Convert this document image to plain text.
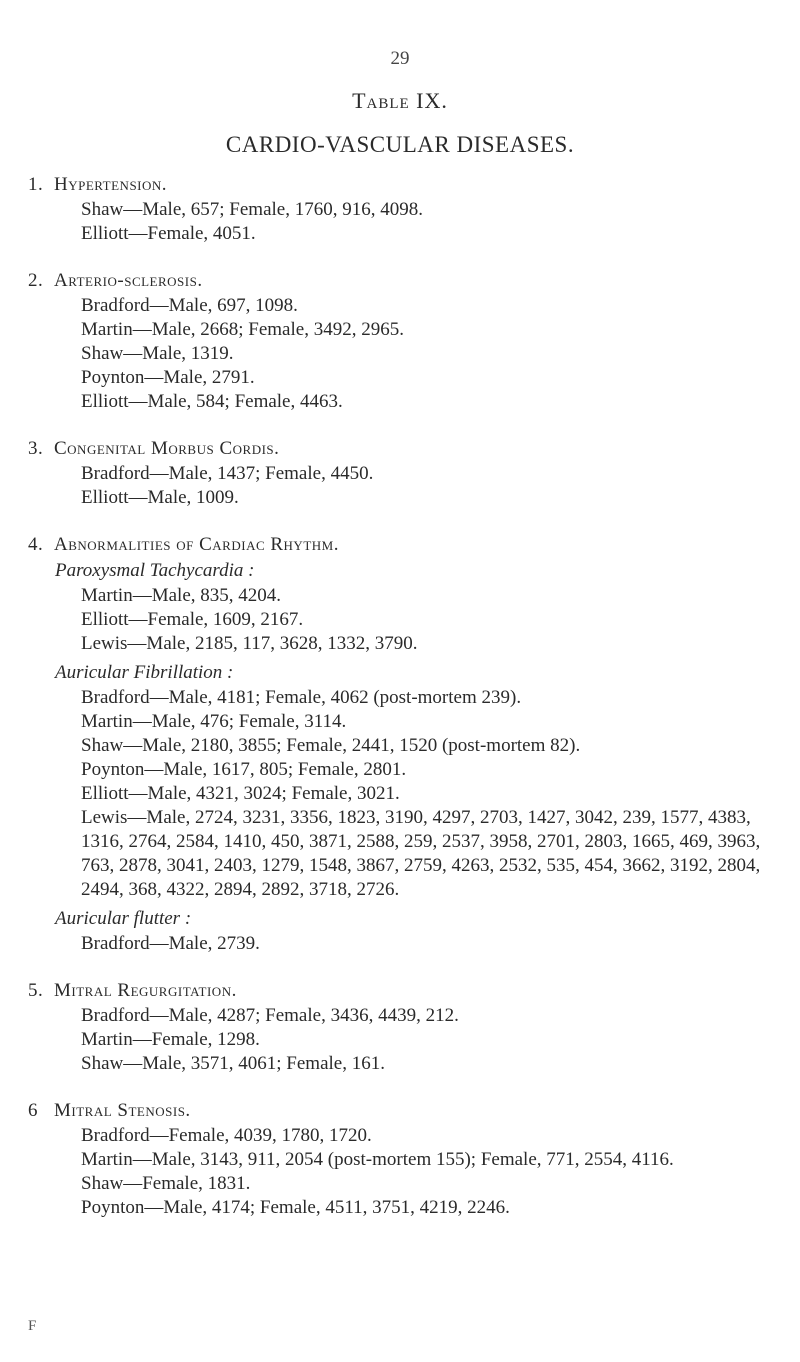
29
Table IX.
CARDIO-VASCULAR DISEASES.
1. Hypertension.
Shaw—Male, 657; Female, 1760, 916, 4098.
Elliott—Female, 4051.
2. Arterio-sclerosis.
Bradford—Male, 697, 1098.
Martin—Male, 2668; Female, 3492, 2965.
Shaw—Male, 1319.
Poynton—Male, 2791.
Elliott—Male, 584; Female, 4463.
3. Congenital Morbus Cordis.
Bradford—Male, 1437; Female, 4450.
Elliott—Male, 1009.
4. Abnormalities of Cardiac Rhythm.
Paroxysmal Tachycardia :
Martin—Male, 835, 4204.
Elliott—Female, 1609, 2167.
Lewis—Male, 2185, 117, 3628, 1332, 3790.
Auricular Fibrillation :
Bradford—Male, 4181; Female, 4062 (post-mortem 239).
Martin—Male, 476; Female, 3114.
Shaw—Male, 2180, 3855; Female, 2441, 1520 (post-mortem 82).
Poynton—Male, 1617, 805; Female, 2801.
Elliott—Male, 4321, 3024; Female, 3021.
Lewis—Male, 2724, 3231, 3356, 1823, 3190, 4297, 2703, 1427, 3042, 239, 1577, 4383, 1316, 2764, 2584, 1410, 450, 3871, 2588, 259, 2537, 3958, 2701, 2803, 1665, 469, 3963, 763, 2878, 3041, 2403, 1279, 1548, 3867, 2759, 4263, 2532, 535, 454, 3662, 3192, 2804, 2494, 368, 4322, 2894, 2892, 3718, 2726.
Auricular flutter :
Bradford—Male, 2739.
5. Mitral Regurgitation.
Bradford—Male, 4287; Female, 3436, 4439, 212.
Martin—Female, 1298.
Shaw—Male, 3571, 4061; Female, 161.
6 Mitral Stenosis.
Bradford—Female, 4039, 1780, 1720.
Martin—Male, 3143, 911, 2054 (post-mortem 155); Female, 771, 2554, 4116.
Shaw—Female, 1831.
Poynton—Male, 4174; Female, 4511, 3751, 4219, 2246.
F
